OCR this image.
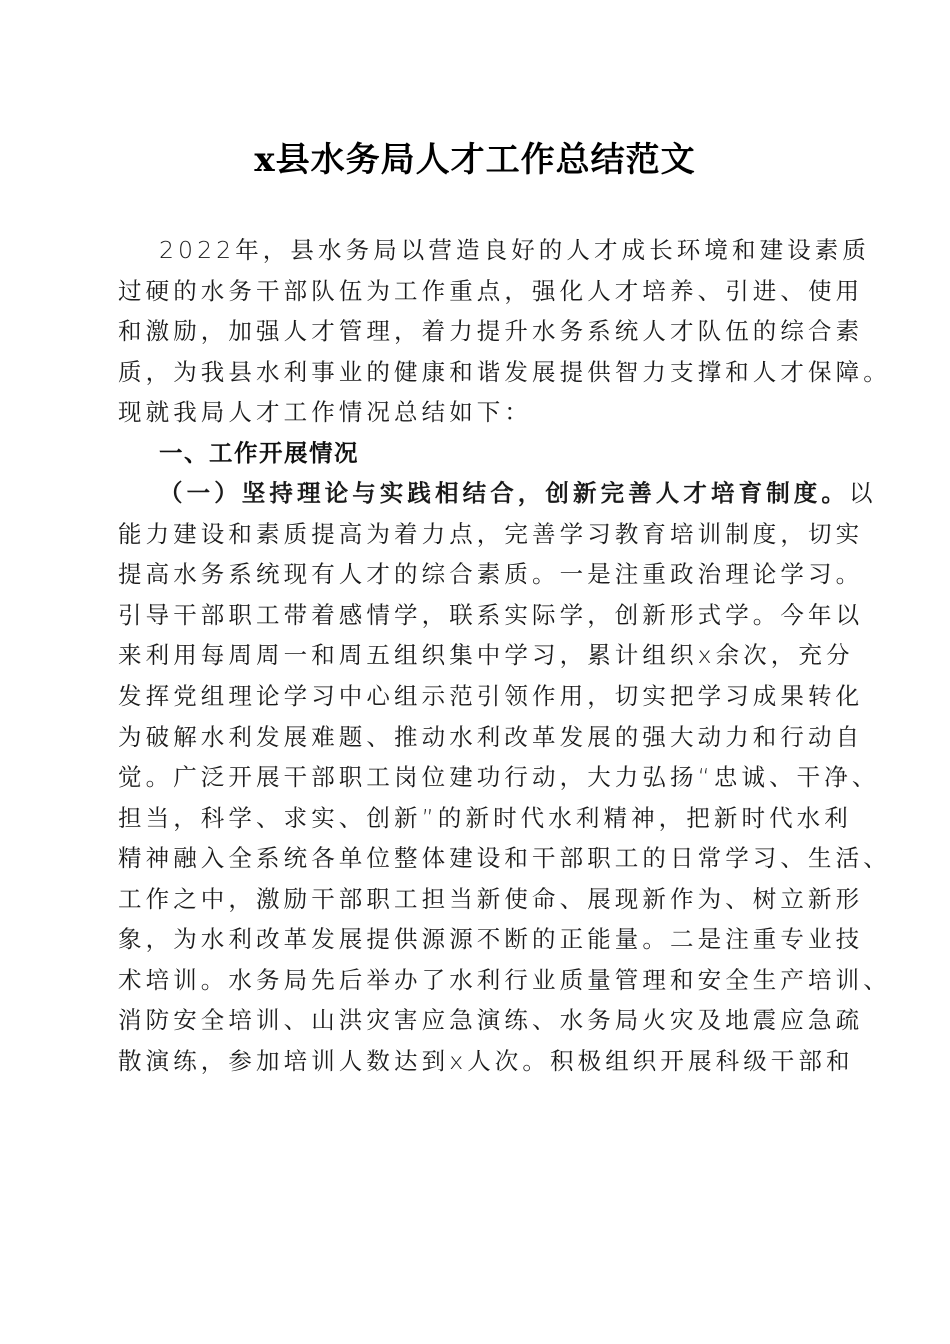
x县水务局人才工作总结范文
2022年，县水务局以营造良好的人才成长环境和建设素质
过硬的水务干部队伍为工作重点，强化人才培养、引进、使用
和激励，加强人才管理，着力提升水务系统人才队伍的综合素
质，为我县水利事业的健康和谐发展提供智力支撑和人才保障。
现就我局人才工作情况总结如下：
一、工作开展情况
（一）坚持理论与实践相结合，创新完善人才培育制度。以
能力建设和素质提高为着力点，完善学习教育培训制度，切实
提高水务系统现有人才的综合素质。一是注重政治理论学习。
引导干部职工带着感情学，联系实际学，创新形式学。今年以
来利用每周周一和周五组织集中学习，累计组织x余次，充分
发挥党组理论学习中心组示范引领作用，切实把学习成果转化
为破解水利发展难题、推动水利改革发展的强大动力和行动自
觉。广泛开展干部职工岗位建功行动，大力弘扬“忠诚、干净、
担当，科学、求实、创新”的新时代水利精神，把新时代水利
精神融入全系统各单位整体建设和干部职工的日常学习、生活、
工作之中，激励干部职工担当新使命、展现新作为、树立新形
象，为水利改革发展提供源源不断的正能量。二是注重专业技
术培训。水务局先后举办了水利行业质量管理和安全生产培训、
消防安全培训、山洪灾害应急演练、水务局火灾及地震应急疏
散演练，参加培训人数达到x人次。积极组织开展科级干部和
